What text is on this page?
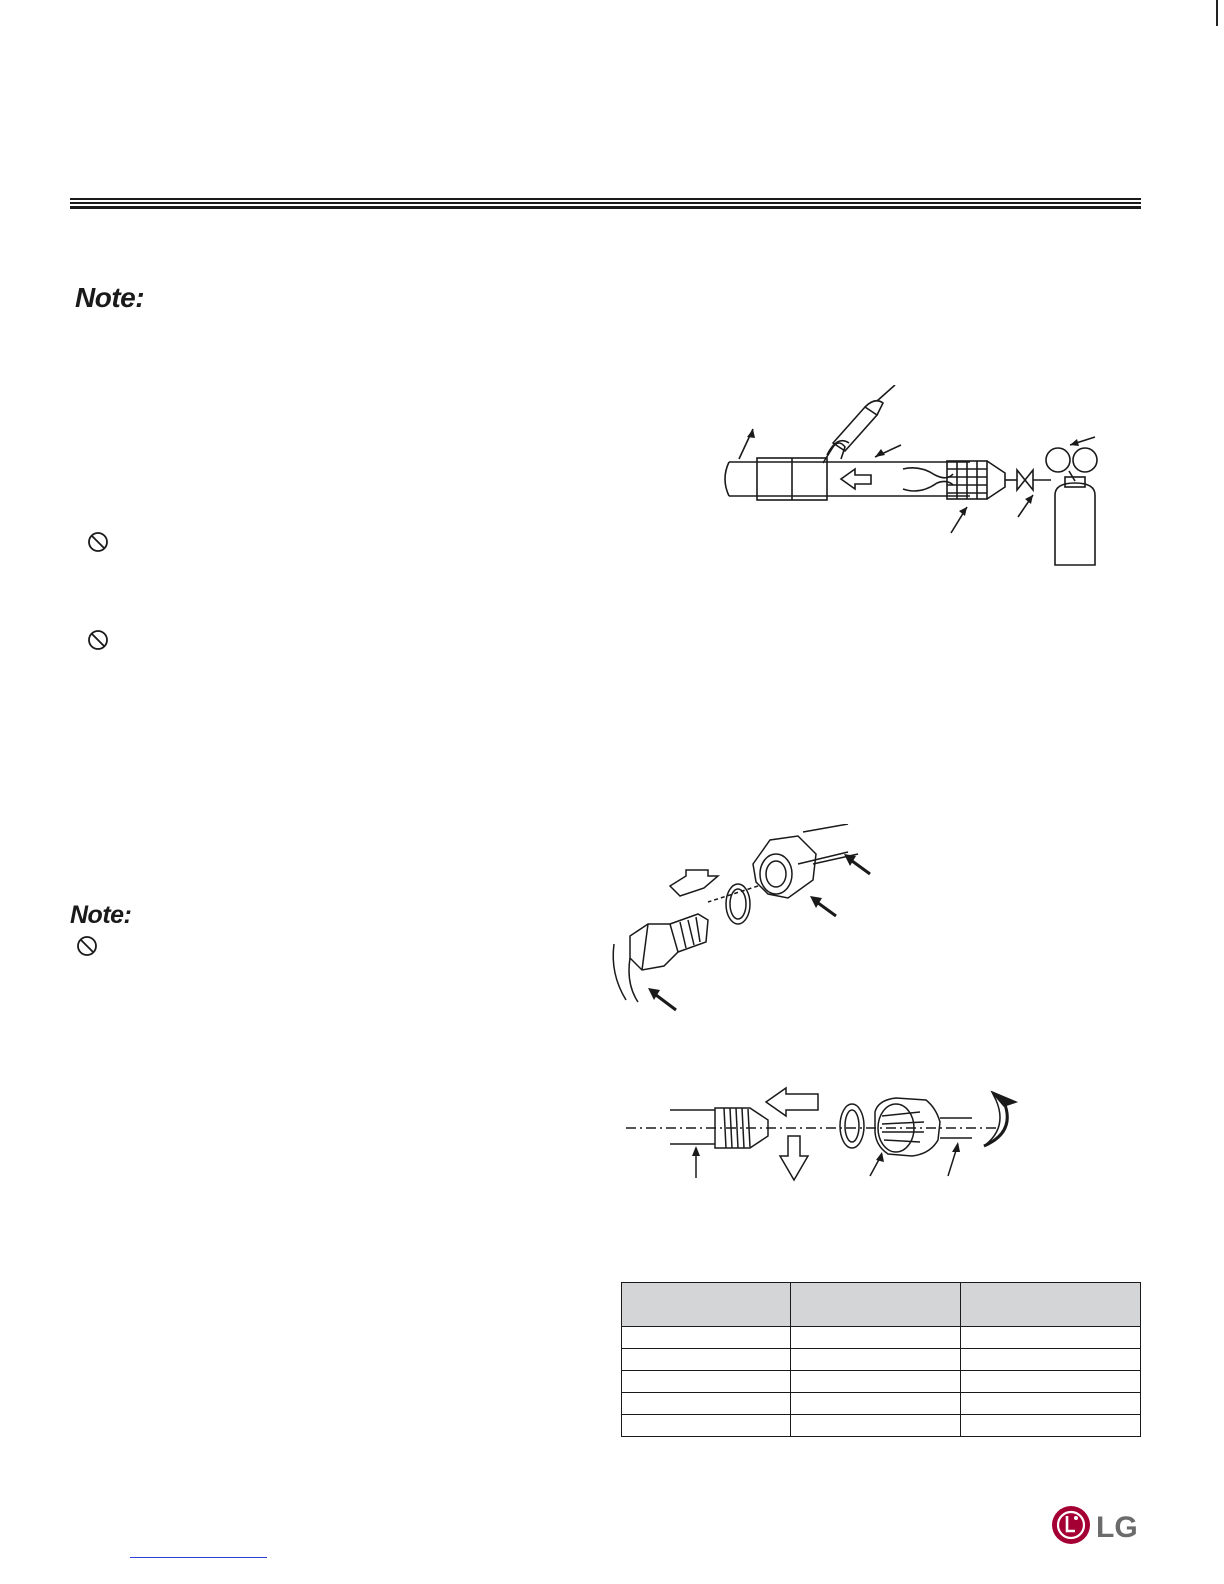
Note:
Note:

LG
